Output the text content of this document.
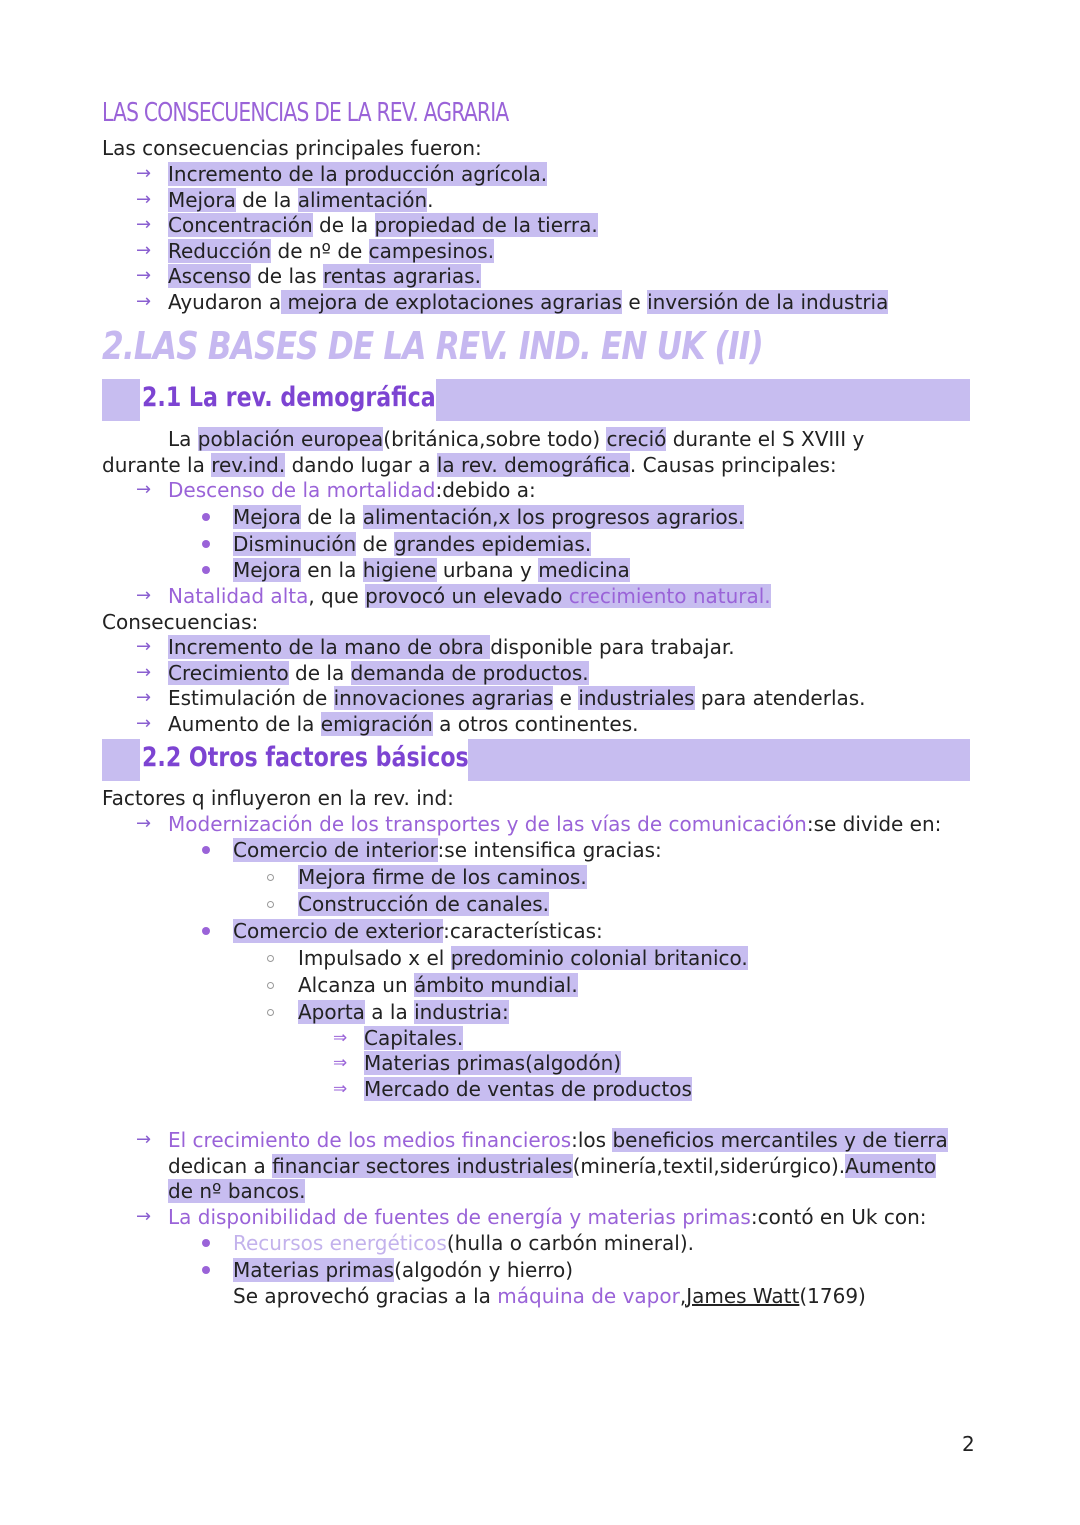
LAS CONSECUENCIAS DE LA REV. AGRARIA
Las consecuencias principales fueron:
→ Incremento de la producción agrícola.
→ Mejora de la alimentación.
→ Concentración de la propiedad de la tierra.
→ Reducción de nº de campesinos.
→ Ascenso de las rentas agrarias.
→ Ayudaron a mejora de explotaciones agrarias e inversión de la industria
2.LAS BASES DE LA REV. IND. EN UK (II)
2.1 La rev. demográfica
La población europea(británica,sobre todo) creció durante el S XVIII y
durante la rev.ind. dando lugar a la rev. demográfica. Causas principales:
→ Descenso de la mortalidad:debido a:
Mejora de la alimentación,x los progresos agrarios.
Disminución de grandes epidemias.
Mejora en la higiene urbana y medicina
→ Natalidad alta, que provocó un elevado crecimiento natural.
Consecuencias:
→ Incremento de la mano de obra disponible para trabajar.
→ Crecimiento de la demanda de productos.
→ Estimulación de innovaciones agrarias e industriales para atenderlas.
→ Aumento de la emigración a otros continentes.
2.2 Otros factores básicos
Factores q influyeron en la rev. ind:
→ Modernización de los transportes y de las vías de comunicación:se divide en:
Comercio de interior:se intensifica gracias:
Mejora firme de los caminos.
Construcción de canales.
Comercio de exterior:características:
Impulsado x el predominio colonial britanico.
Alcanza un ámbito mundial.
Aporta a la industria:
⇒ Capitales.
⇒ Materias primas(algodón)
⇒ Mercado de ventas de productos
→ El crecimiento de los medios financieros:los beneficios mercantiles y de tierra
dedican a financiar sectores industriales(minería,textil,siderúrgico).Aumento
de nº bancos.
→ La disponibilidad de fuentes de energía y materias primas:contó en Uk con:
Recursos energéticos(hulla o carbón mineral).
Materias primas(algodón y hierro)
Se aprovechó gracias a la máquina de vapor,James Watt(1769)
2
